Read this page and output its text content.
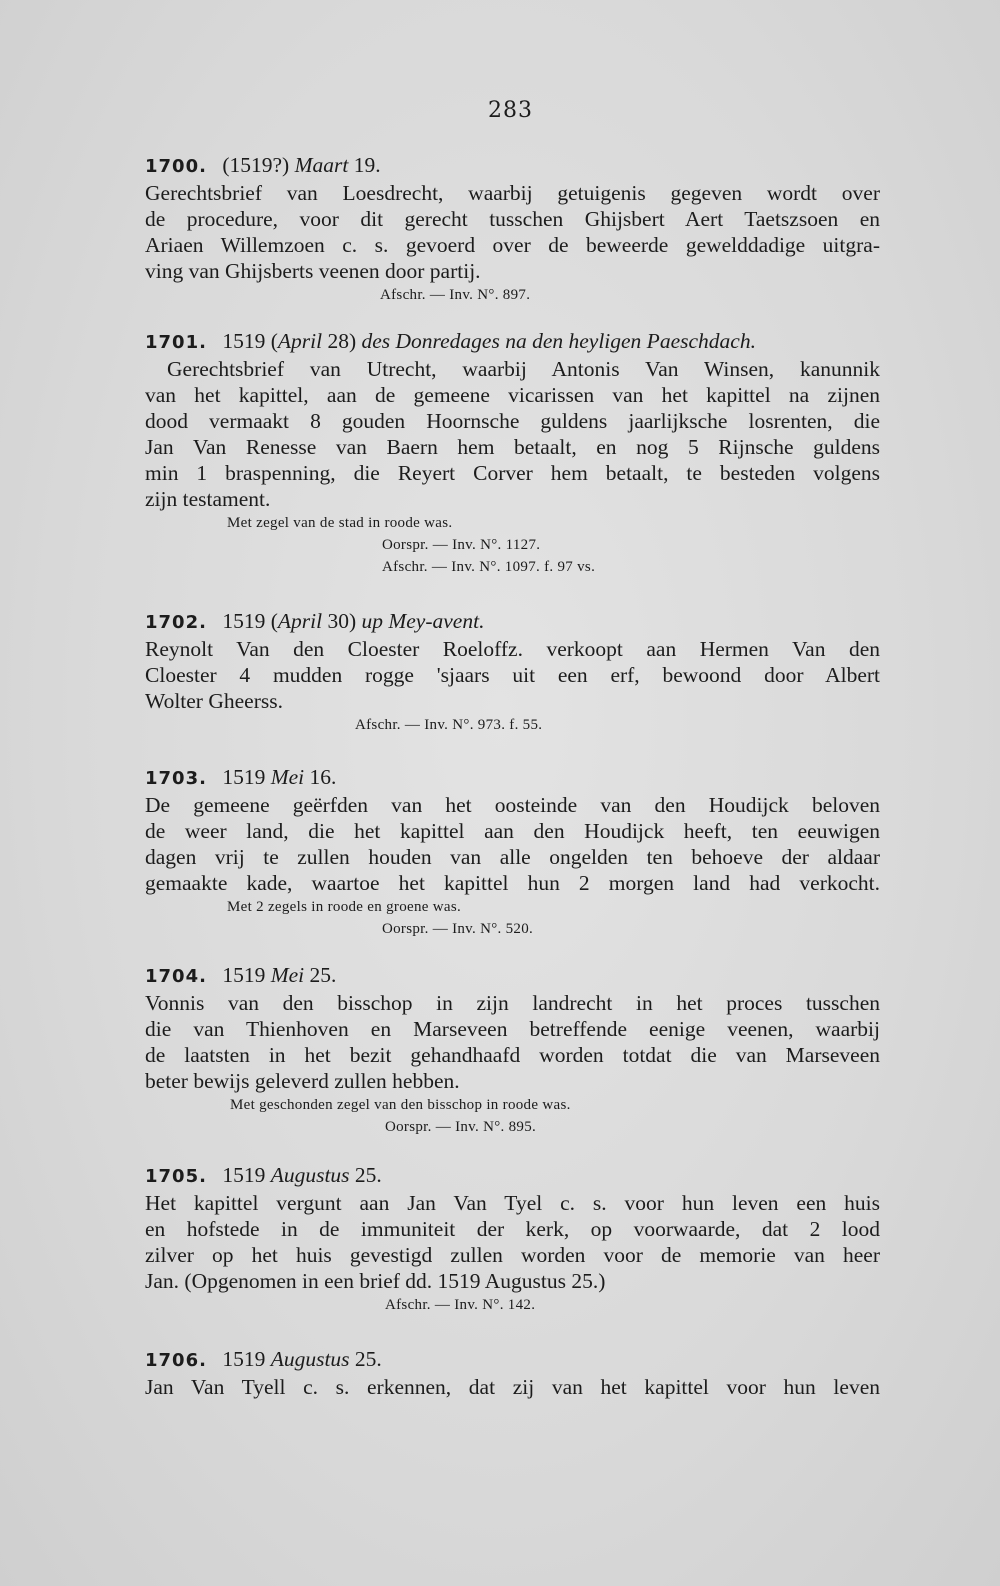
283
1700. (1519?) Maart 19.
Gerechtsbrief van Loesdrecht, waarbij getuigenis gegeven wordt over
de procedure, voor dit gerecht tusschen Ghijsbert Aert Taetszsoen en
Ariaen Willemzoen c. s. gevoerd over de beweerde gewelddadige uitgra-
ving van Ghijsberts veenen door partij.
Afschr. — Inv. N°. 897.
1701. 1519 (April 28) des Donredages na den heyligen Paeschdach.
Gerechtsbrief van Utrecht, waarbij Antonis Van Winsen, kanunnik
van het kapittel, aan de gemeene vicarissen van het kapittel na zijnen
dood vermaakt 8 gouden Hoornsche guldens jaarlijksche losrenten, die
Jan Van Renesse van Baern hem betaalt, en nog 5 Rijnsche guldens
min 1 braspenning, die Reyert Corver hem betaalt, te besteden volgens
zijn testament.
Met zegel van de stad in roode was.
Oorspr. — Inv. N°. 1127.
Afschr. — Inv. N°. 1097. f. 97 vs.
1702. 1519 (April 30) up Mey-avent.
Reynolt Van den Cloester Roeloffz. verkoopt aan Hermen Van den
Cloester 4 mudden rogge 'sjaars uit een erf, bewoond door Albert
Wolter Gheerss.
Afschr. — Inv. N°. 973. f. 55.
1703. 1519 Mei 16.
De gemeene geërfden van het oosteinde van den Houdijck beloven
de weer land, die het kapittel aan den Houdijck heeft, ten eeuwigen
dagen vrij te zullen houden van alle ongelden ten behoeve der aldaar
gemaakte kade, waartoe het kapittel hun 2 morgen land had verkocht.
Met 2 zegels in roode en groene was.
Oorspr. — Inv. N°. 520.
1704. 1519 Mei 25.
Vonnis van den bisschop in zijn landrecht in het proces tusschen
die van Thienhoven en Marseveen betreffende eenige veenen, waarbij
de laatsten in het bezit gehandhaafd worden totdat die van Marseveen
beter bewijs geleverd zullen hebben.
Met geschonden zegel van den bisschop in roode was.
Oorspr. — Inv. N°. 895.
1705. 1519 Augustus 25.
Het kapittel vergunt aan Jan Van Tyel c. s. voor hun leven een huis
en hofstede in de immuniteit der kerk, op voorwaarde, dat 2 lood
zilver op het huis gevestigd zullen worden voor de memorie van heer
Jan. (Opgenomen in een brief dd. 1519 Augustus 25.)
Afschr. — Inv. N°. 142.
1706. 1519 Augustus 25.
Jan Van Tyell c. s. erkennen, dat zij van het kapittel voor hun leven
